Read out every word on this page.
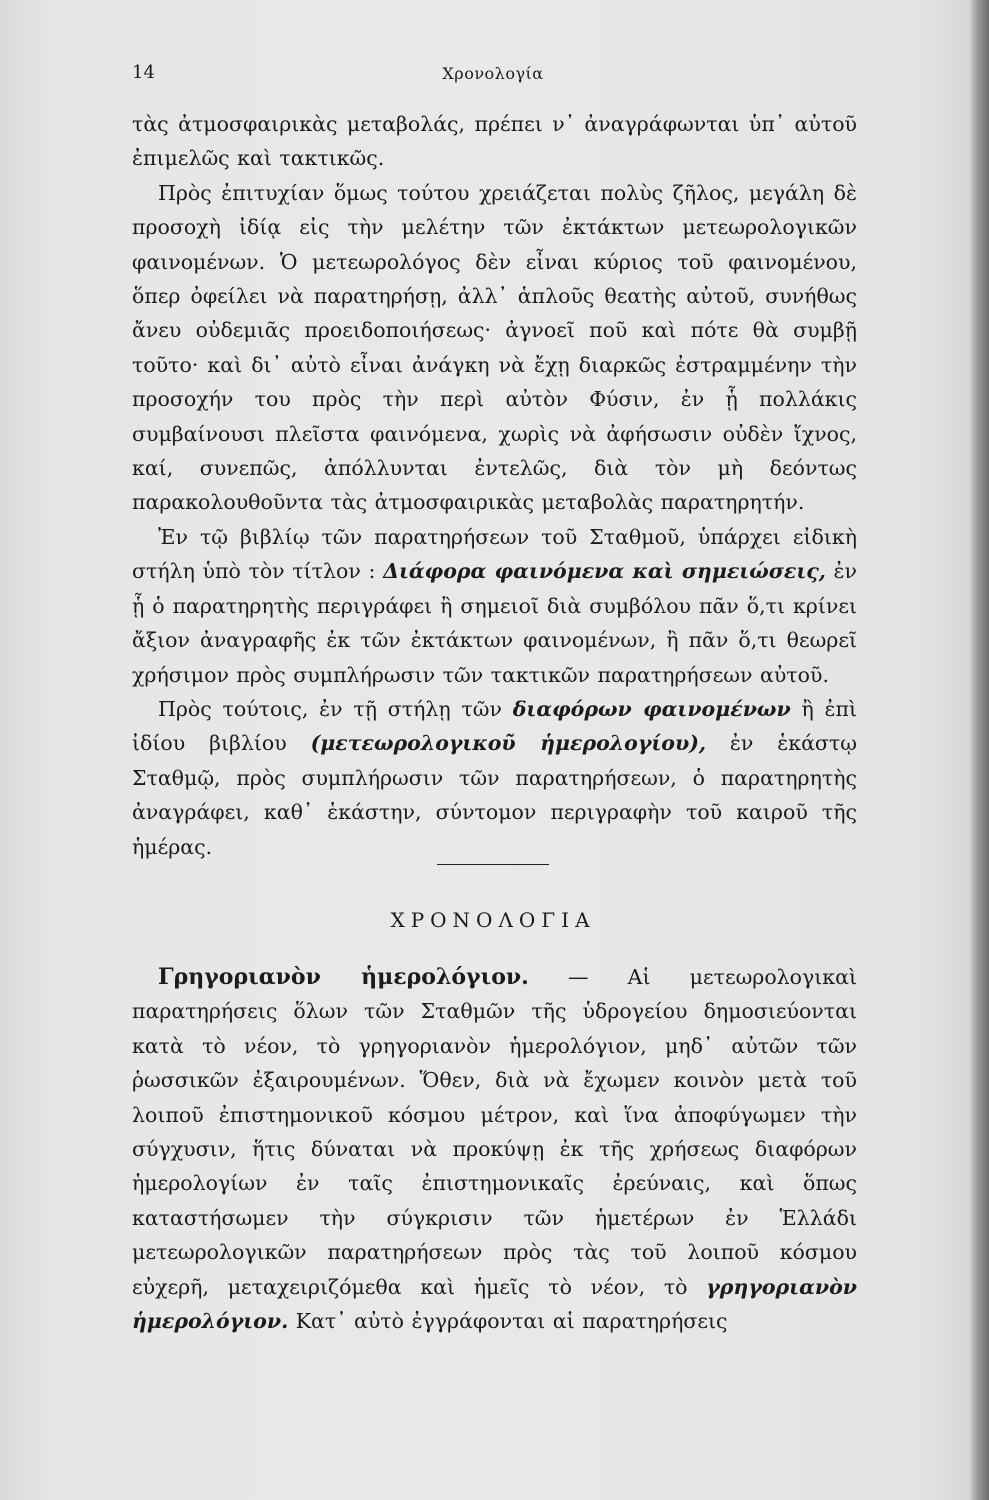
14	Χρονολογία

τὰς ἀτμοσφαιρικὰς μεταβολάς, πρέπει ν᾽ ἀναγράφωνται ὑπ᾽ αὐτοῦ ἐπιμελῶς καὶ τακτικῶς.

Πρὸς ἐπιτυχίαν ὅμως τούτου χρειάζεται πολὺς ζῆλος, μεγάλη δὲ προσοχὴ ἰδίᾳ εἰς τὴν μελέτην τῶν ἐκτάκτων μετεωρολογικῶν φαινομένων. Ὁ μετεωρολόγος δὲν εἶναι κύριος τοῦ φαινομένου, ὅπερ ὀφείλει νὰ παρατηρήσῃ, ἀλλ᾽ ἁπλοῦς θεατὴς αὐτοῦ, συνήθως ἄνευ οὐδεμιᾶς προειδοποιήσεως· ἀγνοεῖ ποῦ καὶ πότε θὰ συμβῇ τοῦτο· καὶ δι᾽ αὐτὸ εἶναι ἀνάγκη νὰ ἔχῃ διαρκῶς ἐστραμμένην τὴν προσοχήν του πρὸς τὴν περὶ αὐτὸν Φύσιν, ἐν ᾗ πολλάκις συμβαίνουσι πλεῖστα φαινόμενα, χωρὶς νὰ ἀφήσωσιν οὐδὲν ἴχνος, καί, συνεπῶς, ἀπόλλυνται ἐντελῶς, διὰ τὸν μὴ δεόντως παρακολουθοῦντα τὰς ἀτμοσφαιρικὰς μεταβολὰς παρατηρητήν.

Ἐν τῷ βιβλίῳ τῶν παρατηρήσεων τοῦ Σταθμοῦ, ὑπάρχει εἰδικὴ στήλη ὑπὸ τὸν τίτλον : Διάφορα φαινόμενα καὶ σημειώσεις, ἐν ᾗ ὁ παρατηρητὴς περιγράφει ἢ σημειοῖ διὰ συμβόλου πᾶν ὅ,τι κρίνει ἄξιον ἀναγραφῆς ἐκ τῶν ἐκτάκτων φαινομένων, ἢ πᾶν ὅ,τι θεωρεῖ χρήσιμον πρὸς συμπλήρωσιν τῶν τακτικῶν παρατηρήσεων αὐτοῦ.

Πρὸς τούτοις, ἐν τῇ στήλῃ τῶν διαφόρων φαινομένων ἢ ἐπὶ ἰδίου βιβλίου (μετεωρολογικοῦ ἡμερολογίου), ἐν ἑκάστῳ Σταθμῷ, πρὸς συμπλήρωσιν τῶν παρατηρήσεων, ὁ παρατηρητὴς ἀναγράφει, καθ᾽ ἑκάστην, σύντομον περιγραφὴν τοῦ καιροῦ τῆς ἡμέρας.

ΧΡΟΝΟΛΟΓΙΑ

Γρηγοριανὸν ἡμερολόγιον. — Αἱ μετεωρολογικαὶ παρατηρήσεις ὅλων τῶν Σταθμῶν τῆς ὑδρογείου δημοσιεύονται κατὰ τὸ νέον, τὸ γρηγοριανὸν ἡμερολόγιον, μηδ᾽ αὐτῶν τῶν ῥωσσικῶν ἐξαιρουμένων. Ὅθεν, διὰ νὰ ἔχωμεν κοινὸν μετὰ τοῦ λοιποῦ ἐπιστημονικοῦ κόσμου μέτρον, καὶ ἵνα ἀποφύγωμεν τὴν σύγχυσιν, ἥτις δύναται νὰ προκύψῃ ἐκ τῆς χρήσεως διαφόρων ἡμερολογίων ἐν ταῖς ἐπιστημονικαῖς ἐρεύναις, καὶ ὅπως καταστήσωμεν τὴν σύγκρισιν τῶν ἡμετέρων ἐν Ἑλλάδι μετεωρολογικῶν παρατηρήσεων πρὸς τὰς τοῦ λοιποῦ κόσμου εὐχερῆ, μεταχειριζόμεθα καὶ ἡμεῖς τὸ νέον, τὸ γρηγοριανὸν ἡμερολόγιον. Κατ᾽ αὐτὸ ἐγγράφονται αἱ παρατηρήσεις
